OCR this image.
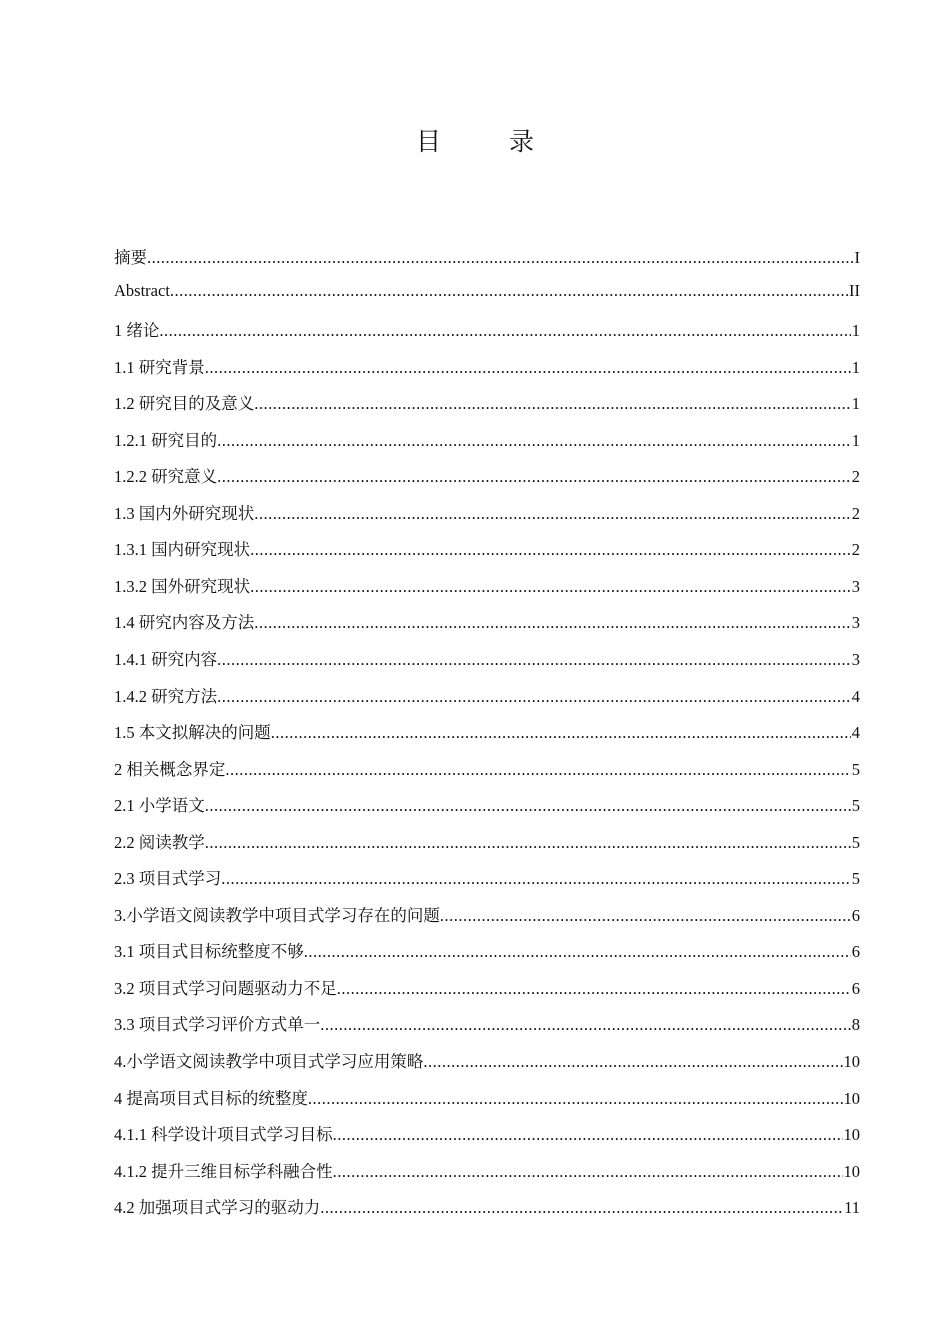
目 录
摘要 .....	I
Abstract .....	II
1 绪论 .....	1
1.1 研究背景 .....	1
1.2 研究目的及意义 .....	1
1.2.1 研究目的 .....	1
1.2.2 研究意义 .....	2
1.3 国内外研究现状 .....	2
1.3.1 国内研究现状 .....	2
1.3.2 国外研究现状 .....	3
1.4 研究内容及方法 .....	3
1.4.1 研究内容 .....	3
1.4.2 研究方法 .....	4
1.5 本文拟解决的问题 .....	4
2 相关概念界定 .....	5
2.1 小学语文 .....	5
2.2 阅读教学 .....	5
2.3 项目式学习 .....	5
3.小学语文阅读教学中项目式学习存在的问题 .....	6
3.1 项目式目标统整度不够 .....	6
3.2 项目式学习问题驱动力不足 .....	6
3.3 项目式学习评价方式单一 .....	8
4.小学语文阅读教学中项目式学习应用策略 .....	10
4 提高项目式目标的统整度 .....	10
4.1.1 科学设计项目式学习目标 .....	10
4.1.2 提升三维目标学科融合性 .....	10
4.2 加强项目式学习的驱动力 .....	11
